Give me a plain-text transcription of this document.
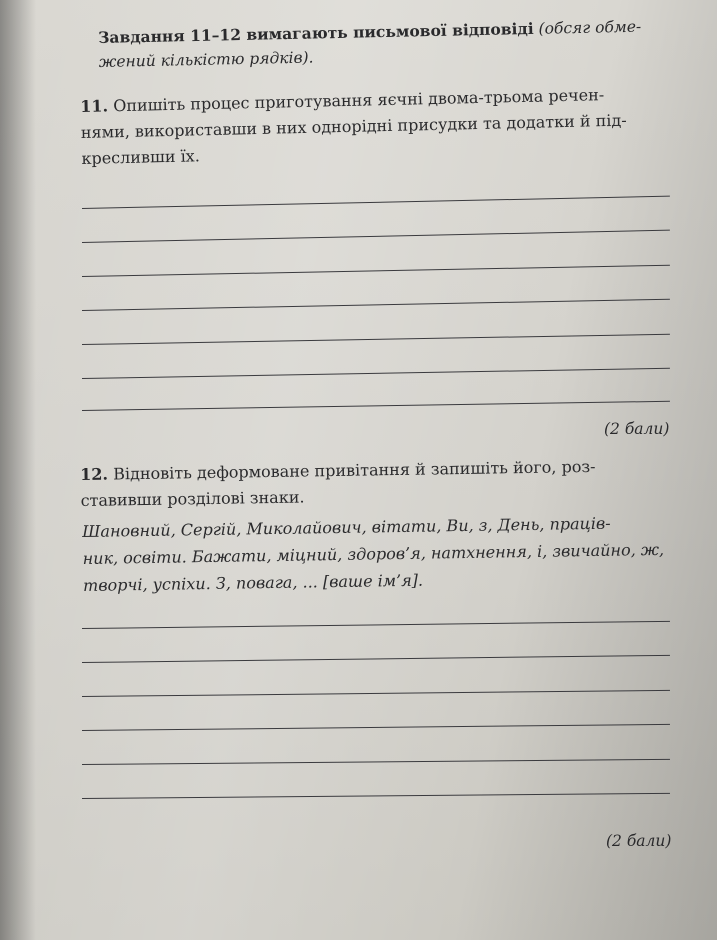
Завдання 11–12 вимагають письмової відповіді (обсяг обме-
жений кількістю рядків).
11. Опишіть процес приготування яєчні двома-трьома речен-
нями, використавши в них однорідні присудки та додатки й під-
кресливши їх.
(2 бали)
12. Відновіть деформоване привітання й запишіть його, роз-
ставивши розділові знаки.
Шановний, Сергій, Миколайович, вітати, Ви, з, День, праців-
ник, освіти. Бажати, міцний, здоров’я, натхнення, і, звичайно, ж,
творчі, успіхи. З, повага, ... [ваше ім’я].
(2 бали)
